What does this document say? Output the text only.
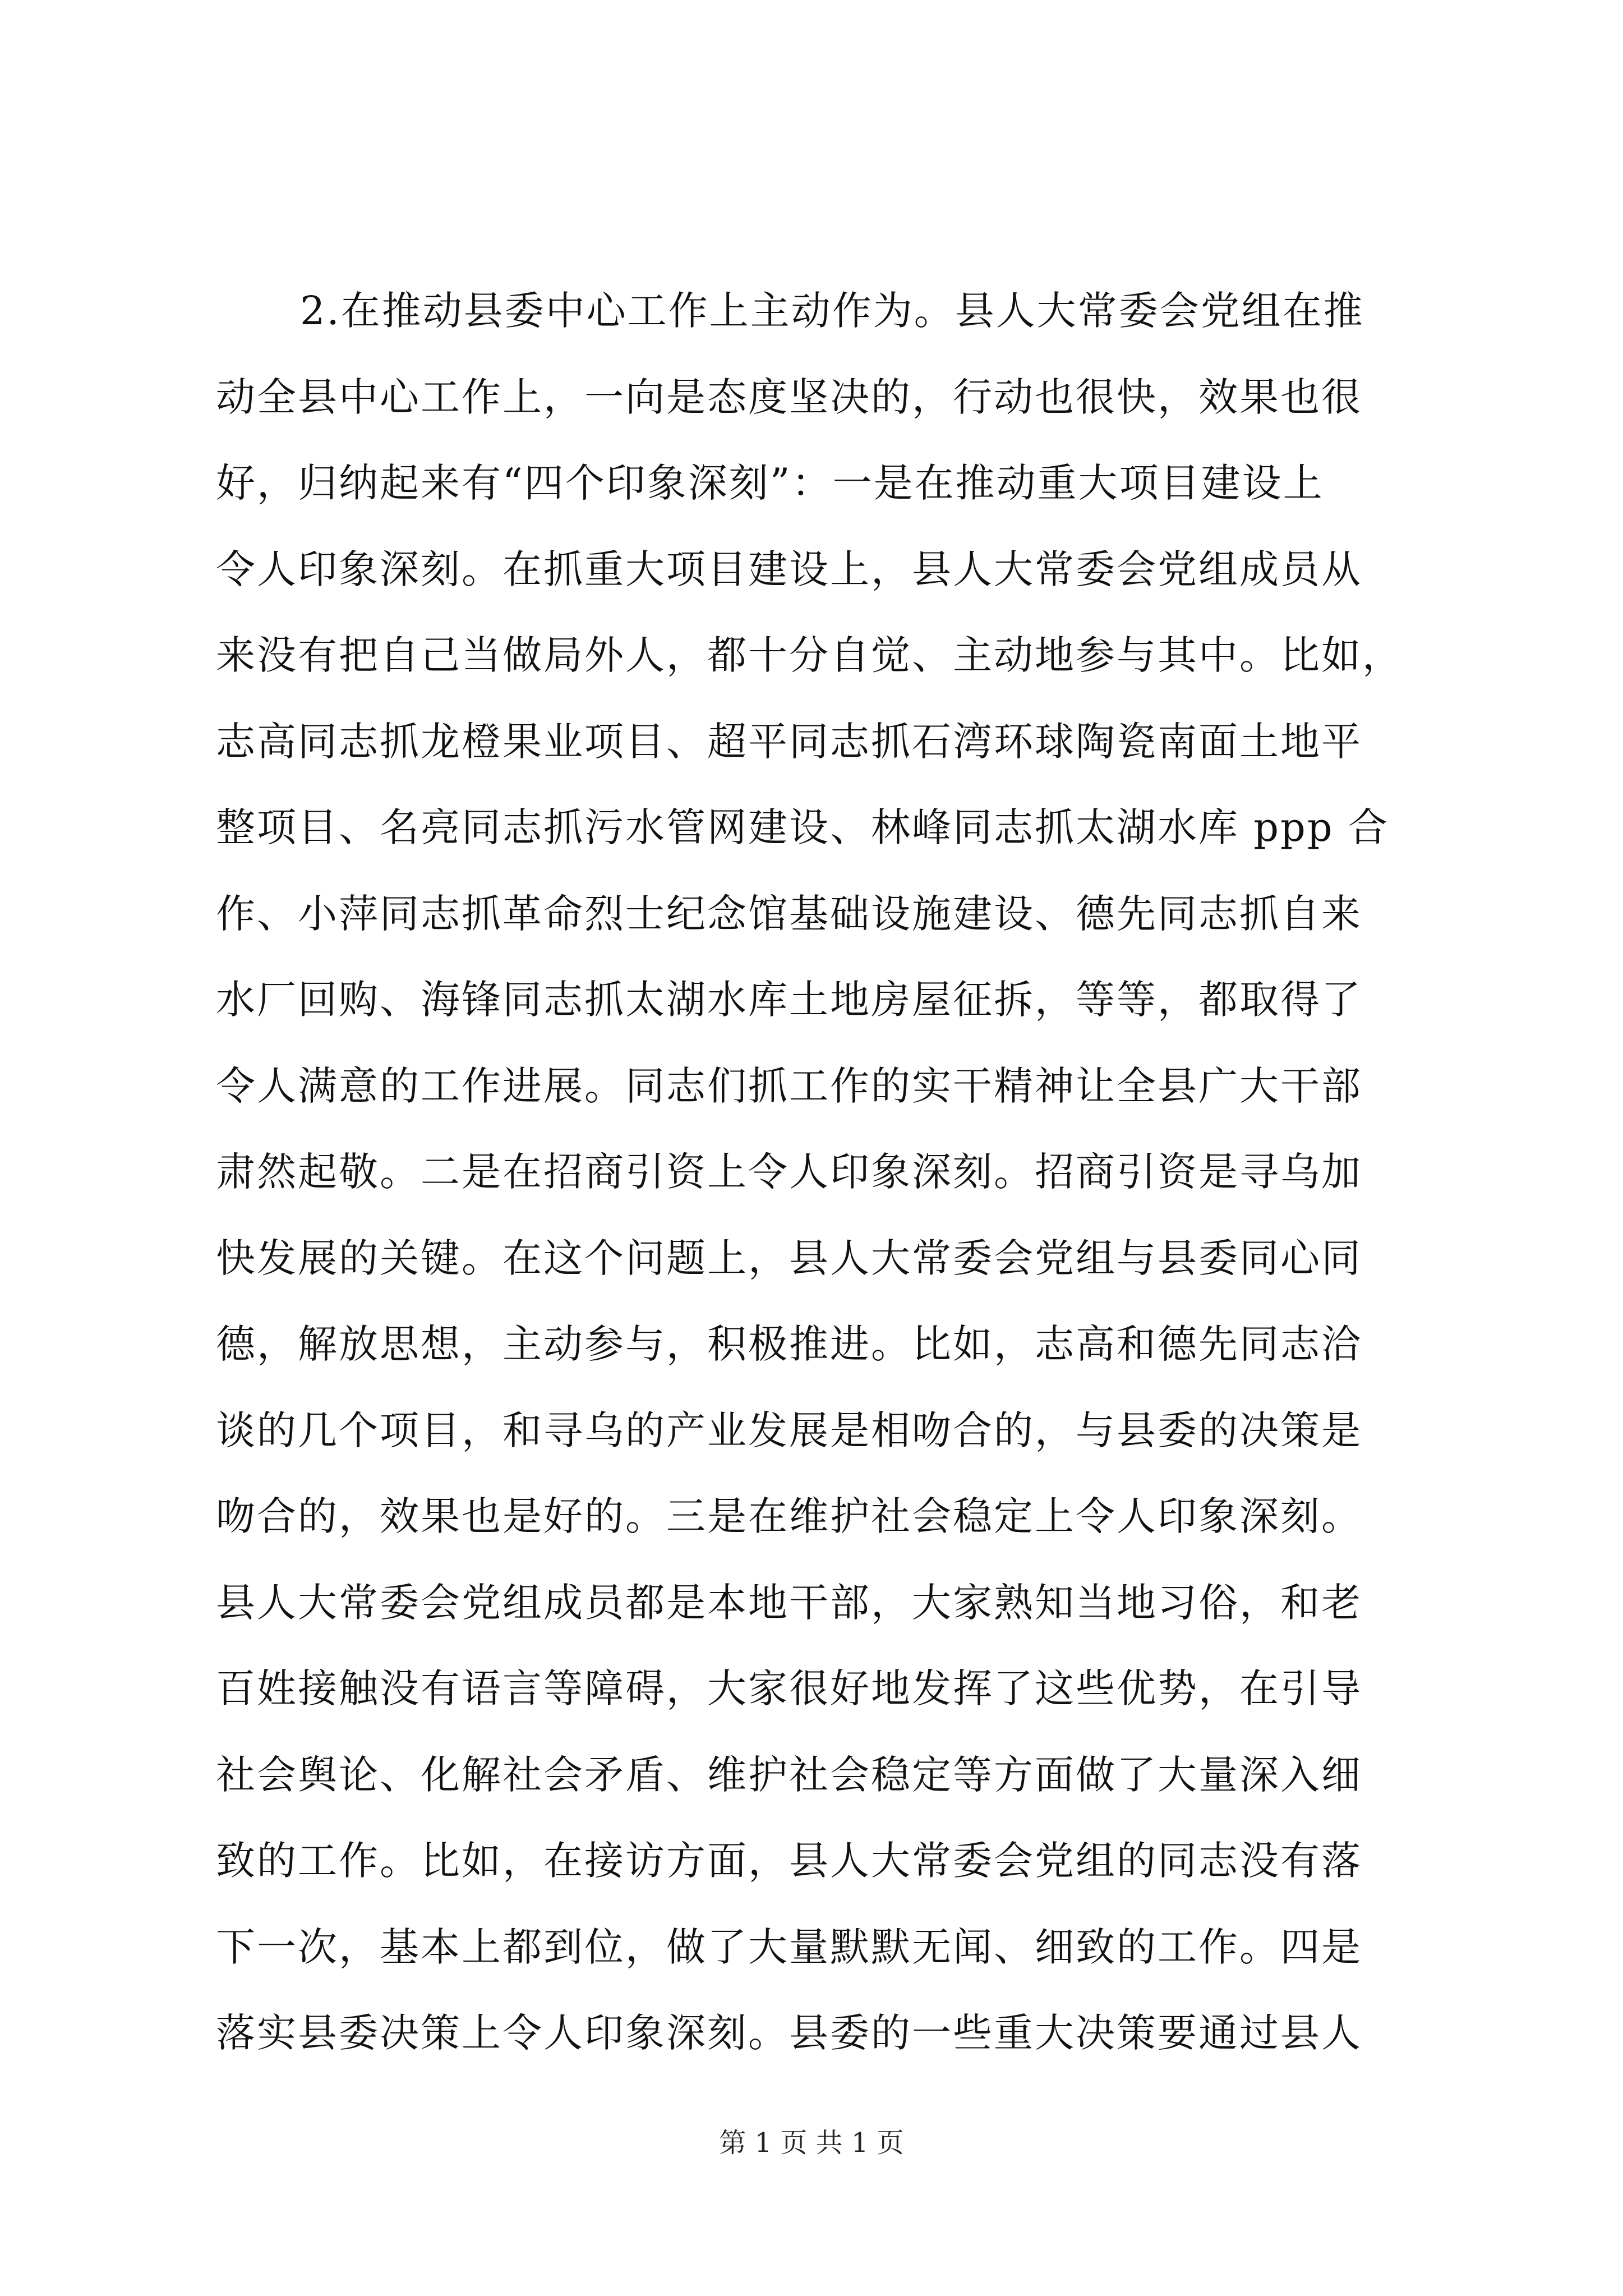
2.在推动县委中心工作上主动作为。县人大常委会党组在推
动全县中心工作上，一向是态度坚决的，行动也很快，效果也很
好，归纳起来有“四个印象深刻”：一是在推动重大项目建设上
令人印象深刻。在抓重大项目建设上，县人大常委会党组成员从
来没有把自己当做局外人，都十分自觉、主动地参与其中。比如，
志高同志抓龙橙果业项目、超平同志抓石湾环球陶瓷南面土地平
整项目、名亮同志抓污水管网建设、林峰同志抓太湖水库 ppp 合
作、小萍同志抓革命烈士纪念馆基础设施建设、德先同志抓自来
水厂回购、海锋同志抓太湖水库土地房屋征拆，等等，都取得了
令人满意的工作进展。同志们抓工作的实干精神让全县广大干部
肃然起敬。二是在招商引资上令人印象深刻。招商引资是寻乌加
快发展的关键。在这个问题上，县人大常委会党组与县委同心同
德，解放思想，主动参与，积极推进。比如，志高和德先同志洽
谈的几个项目，和寻乌的产业发展是相吻合的，与县委的决策是
吻合的，效果也是好的。三是在维护社会稳定上令人印象深刻。
县人大常委会党组成员都是本地干部，大家熟知当地习俗，和老
百姓接触没有语言等障碍，大家很好地发挥了这些优势，在引导
社会舆论、化解社会矛盾、维护社会稳定等方面做了大量深入细
致的工作。比如，在接访方面，县人大常委会党组的同志没有落
下一次，基本上都到位，做了大量默默无闻、细致的工作。四是
落实县委决策上令人印象深刻。县委的一些重大决策要通过县人
第 1 页 共 1 页
